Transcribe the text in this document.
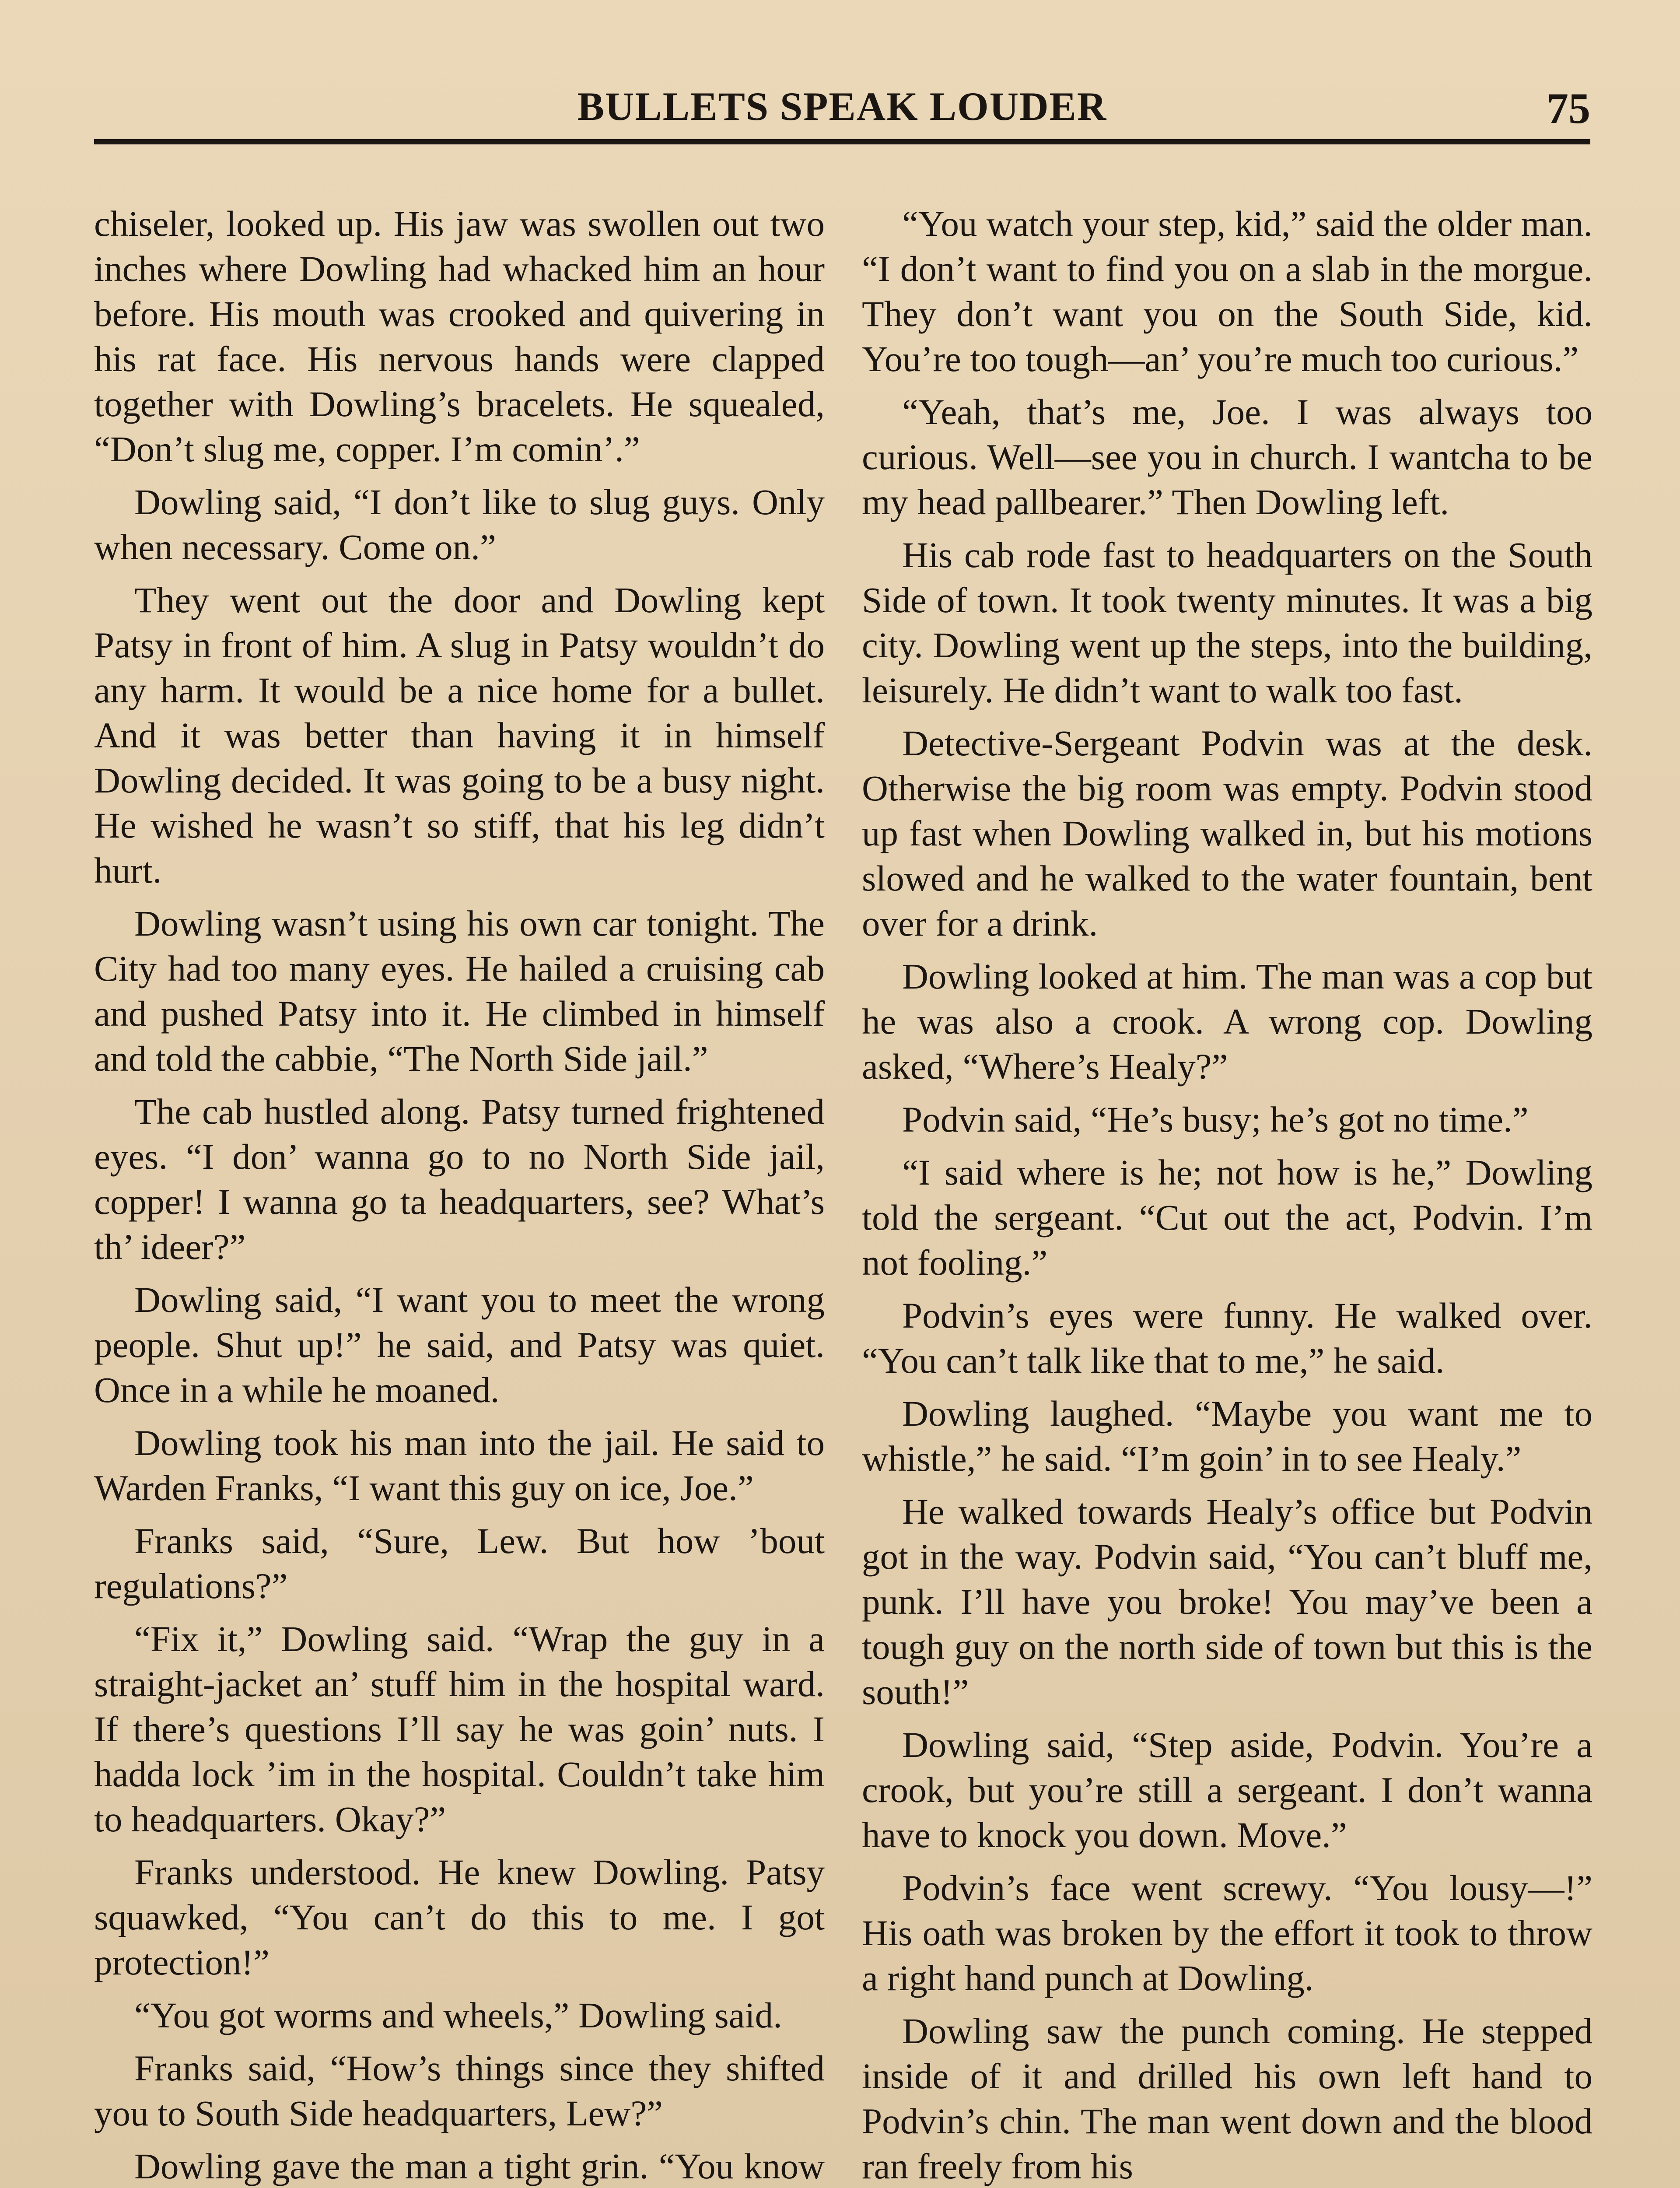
BULLETS SPEAK LOUDER	75

chiseler, looked up. His jaw was swollen out two inches where Dowling had whacked him an hour before. His mouth was crooked and quivering in his rat face. His nervous hands were clapped together with Dowling’s bracelets. He squealed, “Don’t slug me, copper. I’m comin’.”

Dowling said, “I don’t like to slug guys. Only when necessary. Come on.”

They went out the door and Dowling kept Patsy in front of him. A slug in Patsy wouldn’t do any harm. It would be a nice home for a bullet. And it was better than having it in himself Dowling decided. It was going to be a busy night. He wished he wasn’t so stiff, that his leg didn’t hurt.

Dowling wasn’t using his own car tonight. The City had too many eyes. He hailed a cruising cab and pushed Patsy into it. He climbed in himself and told the cabbie, “The North Side jail.”

The cab hustled along. Patsy turned frightened eyes. “I don’ wanna go to no North Side jail, copper! I wanna go ta headquarters, see? What’s th’ ideer?”

Dowling said, “I want you to meet the wrong people. Shut up!” he said, and Patsy was quiet. Once in a while he moaned.

Dowling took his man into the jail. He said to Warden Franks, “I want this guy on ice, Joe.”

Franks said, “Sure, Lew. But how ’bout regulations?”

“Fix it,” Dowling said. “Wrap the guy in a straight-jacket an’ stuff him in the hospital ward. If there’s questions I’ll say he was goin’ nuts. I hadda lock ’im in the hospital. Couldn’t take him to headquarters. Okay?”

Franks understood. He knew Dowling. Patsy squawked, “You can’t do this to me. I got protection!”

“You got worms and wheels,” Dowling said.

Franks said, “How’s things since they shifted you to South Side headquarters, Lew?”

Dowling gave the man a tight grin. “You know

“You watch your step, kid,” said the older man. “I don’t want to find you on a slab in the morgue. They don’t want you on the South Side, kid. You’re too tough—an’ you’re much too curious.”

“Yeah, that’s me, Joe. I was always too curious. Well—see you in church. I wantcha to be my head pallbearer.” Then Dowling left.

His cab rode fast to headquarters on the South Side of town. It took twenty minutes. It was a big city. Dowling went up the steps, into the building, leisurely. He didn’t want to walk too fast.

Detective-Sergeant Podvin was at the desk. Otherwise the big room was empty. Podvin stood up fast when Dowling walked in, but his motions slowed and he walked to the water fountain, bent over for a drink.

Dowling looked at him. The man was a cop but he was also a crook. A wrong cop. Dowling asked, “Where’s Healy?”

Podvin said, “He’s busy; he’s got no time.”

“I said where is he; not how is he,” Dowling told the sergeant. “Cut out the act, Podvin. I’m not fooling.”

Podvin’s eyes were funny. He walked over. “You can’t talk like that to me,” he said.

Dowling laughed. “Maybe you want me to whistle,” he said. “I’m goin’ in to see Healy.”

He walked towards Healy’s office but Podvin got in the way. Podvin said, “You can’t bluff me, punk. I’ll have you broke! You may’ve been a tough guy on the north side of town but this is the south!”

Dowling said, “Step aside, Podvin. You’re a crook, but you’re still a sergeant. I don’t wanna have to knock you down. Move.”

Podvin’s face went screwy. “You lousy—!” His oath was broken by the effort it took to throw a right hand punch at Dowling.

Dowling saw the punch coming. He stepped inside of it and drilled his own left hand to Podvin’s chin. The man went down and the blood ran freely from his
